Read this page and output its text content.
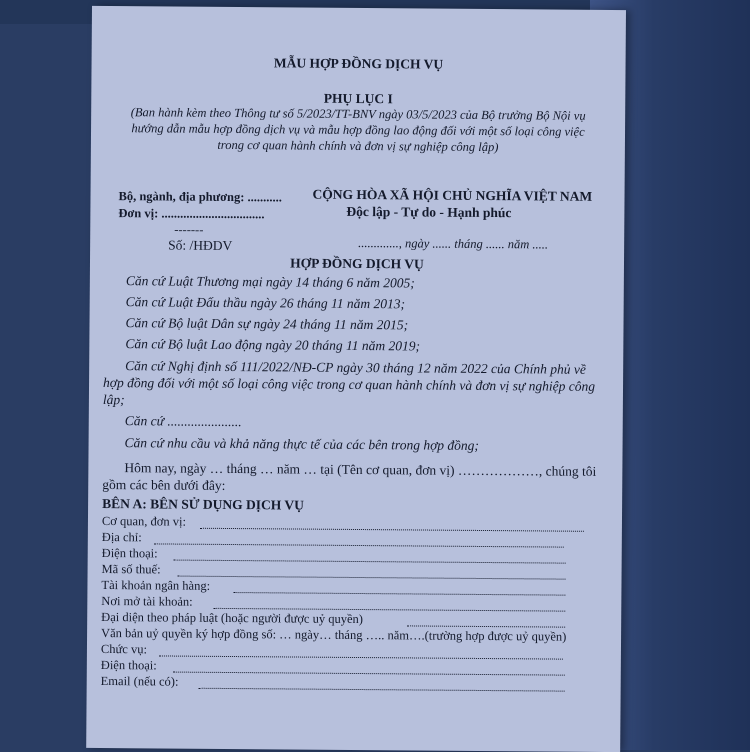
MẪU HỢP ĐỒNG DỊCH VỤ
PHỤ LỤC I
(Ban hành kèm theo Thông tư số 5/2023/TT-BNV ngày 03/5/2023 của Bộ trưởng Bộ Nội vụ
hướng dẫn mẫu hợp đồng dịch vụ và mẫu hợp đồng lao động đối với một số loại công việc
trong cơ quan hành chính và đơn vị sự nghiệp công lập)
Bộ, ngành, địa phương: ...........
Đơn vị: .................................
-------
Số: /HĐDV
CỘNG HÒA XÃ HỘI CHỦ NGHĨA VIỆT NAM
Độc lập - Tự do - Hạnh phúc
............., ngày ...... tháng ...... năm .....
HỢP ĐỒNG DỊCH VỤ
Căn cứ Luật Thương mại ngày 14 tháng 6 năm 2005;
Căn cứ Luật Đấu thầu ngày 26 tháng 11 năm 2013;
Căn cứ Bộ luật Dân sự ngày 24 tháng 11 năm 2015;
Căn cứ Bộ luật Lao động ngày 20 tháng 11 năm 2019;
Căn cứ Nghị định số 111/2022/NĐ-CP ngày 30 tháng 12 năm 2022 của Chính phủ về
hợp đồng đối với một số loại công việc trong cơ quan hành chính và đơn vị sự nghiệp công
lập;
Căn cứ ......................
Căn cứ nhu cầu và khả năng thực tế của các bên trong hợp đồng;
Hôm nay, ngày … tháng … năm … tại (Tên cơ quan, đơn vị) ………………, chúng tôi
gồm các bên dưới đây:
BÊN A: BÊN SỬ DỤNG DỊCH VỤ
Cơ quan, đơn vị:
Địa chỉ:
Điện thoại:
Mã số thuế:
Tài khoản ngân hàng:
Nơi mở tài khoản:
Đại diện theo pháp luật (hoặc người được uỷ quyền)
Văn bản uỷ quyền ký hợp đồng số: … ngày… tháng ….. năm….(trường hợp được uỷ quyền)
Chức vụ:
Điện thoại:
Email (nếu có):
